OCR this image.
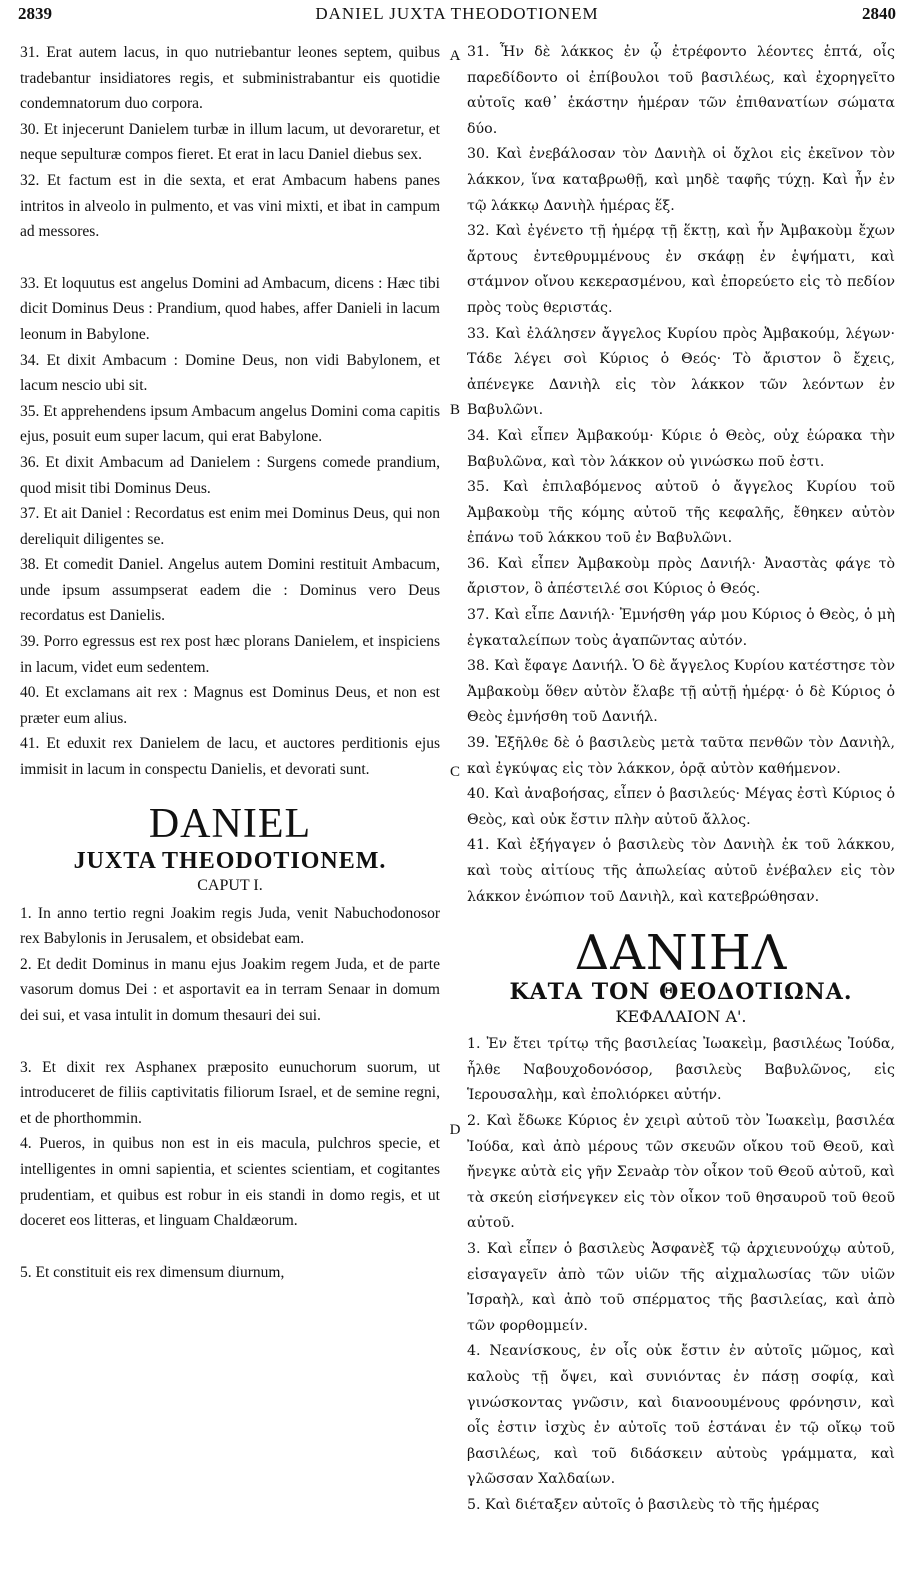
2839	DANIEL JUXTA THEODOTIONEM	2840
A
B
C
D

31. Erat autem lacus, in quo nutriebantur leones septem, quibus tradebantur insidiatores regis, et subministrabantur eis quotidie condemnatorum duo corpora.

30. Et injecerunt Danielem turbæ in illum lacum, ut devoraretur, et neque sepulturæ compos fieret. Et erat in lacu Daniel diebus sex.

32. Et factum est in die sexta, et erat Ambacum habens panes intritos in alveolo in pulmento, et vas vini mixti, et ibat in campum ad messores.

33. Et loquutus est angelus Domini ad Ambacum, dicens : Hæc tibi dicit Dominus Deus : Prandium, quod habes, affer Danieli in lacum leonum in Babylone.

34. Et dixit Ambacum : Domine Deus, non vidi Babylonem, et lacum nescio ubi sit.

35. Et apprehendens ipsum Ambacum angelus Domini coma capitis ejus, posuit eum super lacum, qui erat Babylone.

36. Et dixit Ambacum ad Danielem : Surgens comede prandium, quod misit tibi Dominus Deus.

37. Et ait Daniel : Recordatus est enim mei Dominus Deus, qui non dereliquit diligentes se.

38. Et comedit Daniel. Angelus autem Domini restituit Ambacum, unde ipsum assumpserat eadem die : Dominus vero Deus recordatus est Danielis.

39. Porro egressus est rex post hæc plorans Danielem, et inspiciens in lacum, videt eum sedentem.

40. Et exclamans ait rex : Magnus est Dominus Deus, et non est præter eum alius.

41. Et eduxit rex Danielem de lacu, et auctores perditionis ejus immisit in lacum in conspectu Danielis, et devorati sunt.

DANIEL
JUXTA THEODOTIONEM.
CAPUT I.

1. In anno tertio regni Joakim regis Juda, venit Nabuchodonosor rex Babylonis in Jerusalem, et obsidebat eam.

2. Et dedit Dominus in manu ejus Joakim regem Juda, et de parte vasorum domus Dei : et asportavit ea in terram Senaar in domum dei sui, et vasa intulit in domum thesauri dei sui.

3. Et dixit rex Asphanex præposito eunuchorum suorum, ut introduceret de filiis captivitatis filiorum Israel, et de semine regni, et de phorthommin.

4. Pueros, in quibus non est in eis macula, pulchros specie, et intelligentes in omni sapientia, et scientes scientiam, et cogitantes prudentiam, et quibus est robur in eis standi in domo regis, et ut doceret eos litteras, et linguam Chaldæorum.

5. Et constituit eis rex dimensum diurnum,

31. Ἦν δὲ λάκκος ἐν ᾧ ἐτρέφοντο λέοντες ἑπτά, οἷς παρεδίδοντο οἱ ἐπίβουλοι τοῦ βασιλέως, καὶ ἐχορηγεῖτο αὐτοῖς καθ᾽ ἑκάστην ἡμέραν τῶν ἐπιθανατίων σώματα δύο.

30. Καὶ ἐνεβάλοσαν τὸν Δανιὴλ οἱ ὄχλοι εἰς ἐκεῖνον τὸν λάκκον, ἵνα καταβρωθῇ, καὶ μηδὲ ταφῆς τύχῃ. Καὶ ἦν ἐν τῷ λάκκῳ Δανιὴλ ἡμέρας ἕξ.

32. Καὶ ἐγένετο τῇ ἡμέρᾳ τῇ ἕκτῃ, καὶ ἦν Ἀμβακοὺμ ἔχων ἄρτους ἐντεθρυμμένους ἐν σκάφῃ ἐν ἑψήματι, καὶ στάμνον οἴνου κεκερασμένου, καὶ ἐπορεύετο εἰς τὸ πεδίον πρὸς τοὺς θεριστάς.

33. Καὶ ἐλάλησεν ἄγγελος Κυρίου πρὸς Ἀμβακούμ, λέγων· Τάδε λέγει σοὶ Κύριος ὁ Θεός· Τὸ ἄριστον ὃ ἔχεις, ἀπένεγκε Δανιὴλ εἰς τὸν λάκκον τῶν λεόντων ἐν Βαβυλῶνι.

34. Καὶ εἶπεν Ἀμβακούμ· Κύριε ὁ Θεὸς, οὐχ ἑώρακα τὴν Βαβυλῶνα, καὶ τὸν λάκκον οὐ γινώσκω ποῦ ἐστι.

35. Καὶ ἐπιλαβόμενος αὐτοῦ ὁ ἄγγελος Κυρίου τοῦ Ἀμβακοὺμ τῆς κόμης αὐτοῦ τῆς κεφαλῆς, ἔθηκεν αὐτὸν ἐπάνω τοῦ λάκκου τοῦ ἐν Βαβυλῶνι.

36. Καὶ εἶπεν Ἀμβακοὺμ πρὸς Δανιήλ· Ἀναστὰς φάγε τὸ ἄριστον, ὃ ἀπέστειλέ σοι Κύριος ὁ Θεός.

37. Καὶ εἶπε Δανιήλ· Ἐμνήσθη γάρ μου Κύριος ὁ Θεὸς, ὁ μὴ ἐγκαταλείπων τοὺς ἀγαπῶντας αὐτόν.

38. Καὶ ἔφαγε Δανιήλ. Ὁ δὲ ἄγγελος Κυρίου κατέστησε τὸν Ἀμβακοὺμ ὅθεν αὐτὸν ἔλαβε τῇ αὐτῇ ἡμέρᾳ· ὁ δὲ Κύριος ὁ Θεὸς ἐμνήσθη τοῦ Δανιήλ.

39. Ἐξῆλθε δὲ ὁ βασιλεὺς μετὰ ταῦτα πενθῶν τὸν Δανιὴλ, καὶ ἐγκύψας εἰς τὸν λάκκον, ὁρᾷ αὐτὸν καθήμενον.

40. Καὶ ἀναβοήσας, εἶπεν ὁ βασιλεύς· Μέγας ἐστὶ Κύριος ὁ Θεὸς, καὶ οὐκ ἔστιν πλὴν αὐτοῦ ἄλλος.

41. Καὶ ἐξήγαγεν ὁ βασιλεὺς τὸν Δανιὴλ ἐκ τοῦ λάκκου, καὶ τοὺς αἰτίους τῆς ἀπωλείας αὐτοῦ ἐνέβαλεν εἰς τὸν λάκκον ἐνώπιον τοῦ Δανιὴλ, καὶ κατεβρώθησαν.

ΔΑΝΙΗΛ
ΚΑΤΑ ΤΟΝ ΘΕΟΔΟΤΙΩΝΑ.
ΚΕΦΑΛΑΙΟΝ Α'.

1. Ἐν ἔτει τρίτῳ τῆς βασιλείας Ἰωακεὶμ, βασιλέως Ἰούδα, ἦλθε Ναβουχοδονόσορ, βασιλεὺς Βαβυλῶνος, εἰς Ἱερουσαλὴμ, καὶ ἐπολιόρκει αὐτήν.

2. Καὶ ἔδωκε Κύριος ἐν χειρὶ αὐτοῦ τὸν Ἰωακεὶμ, βασιλέα Ἰούδα, καὶ ἀπὸ μέρους τῶν σκευῶν οἴκου τοῦ Θεοῦ, καὶ ἤνεγκε αὐτὰ εἰς γῆν Σενaὰρ τὸν οἶκον τοῦ Θεοῦ αὐτοῦ, καὶ τὰ σκεύη εἰσήνεγκεν εἰς τὸν οἶκον τοῦ θησαυροῦ τοῦ θεοῦ αὐτοῦ.

3. Καὶ εἶπεν ὁ βασιλεὺς Ἀσφανὲξ τῷ ἀρχιευνούχῳ αὐτοῦ, εἰσαγαγεῖν ἀπὸ τῶν υἱῶν τῆς αἰχμαλωσίας τῶν υἱῶν Ἰσραὴλ, καὶ ἀπὸ τοῦ σπέρματος τῆς βασιλείας, καὶ ἀπὸ τῶν φορθομμείν.

4. Νεανίσκους, ἐν οἷς οὐκ ἔστιν ἐν αὐτοῖς μῶμος, καὶ καλοὺς τῇ ὄψει, καὶ συνιόντας ἐν πάσῃ σοφίᾳ, καὶ γινώσκοντας γνῶσιν, καὶ διανοουμένους φρόνησιν, καὶ οἷς ἐστιν ἰσχὺς ἐν αὐτοῖς τοῦ ἑστάναι ἐν τῷ οἴκῳ τοῦ βασιλέως, καὶ τοῦ διδάσκειν αὐτοὺς γράμματα, καὶ γλῶσσαν Χαλδαίων.

5. Καὶ διέταξεν αὐτοῖς ὁ βασιλεὺς τὸ τῆς ἡμέρας
